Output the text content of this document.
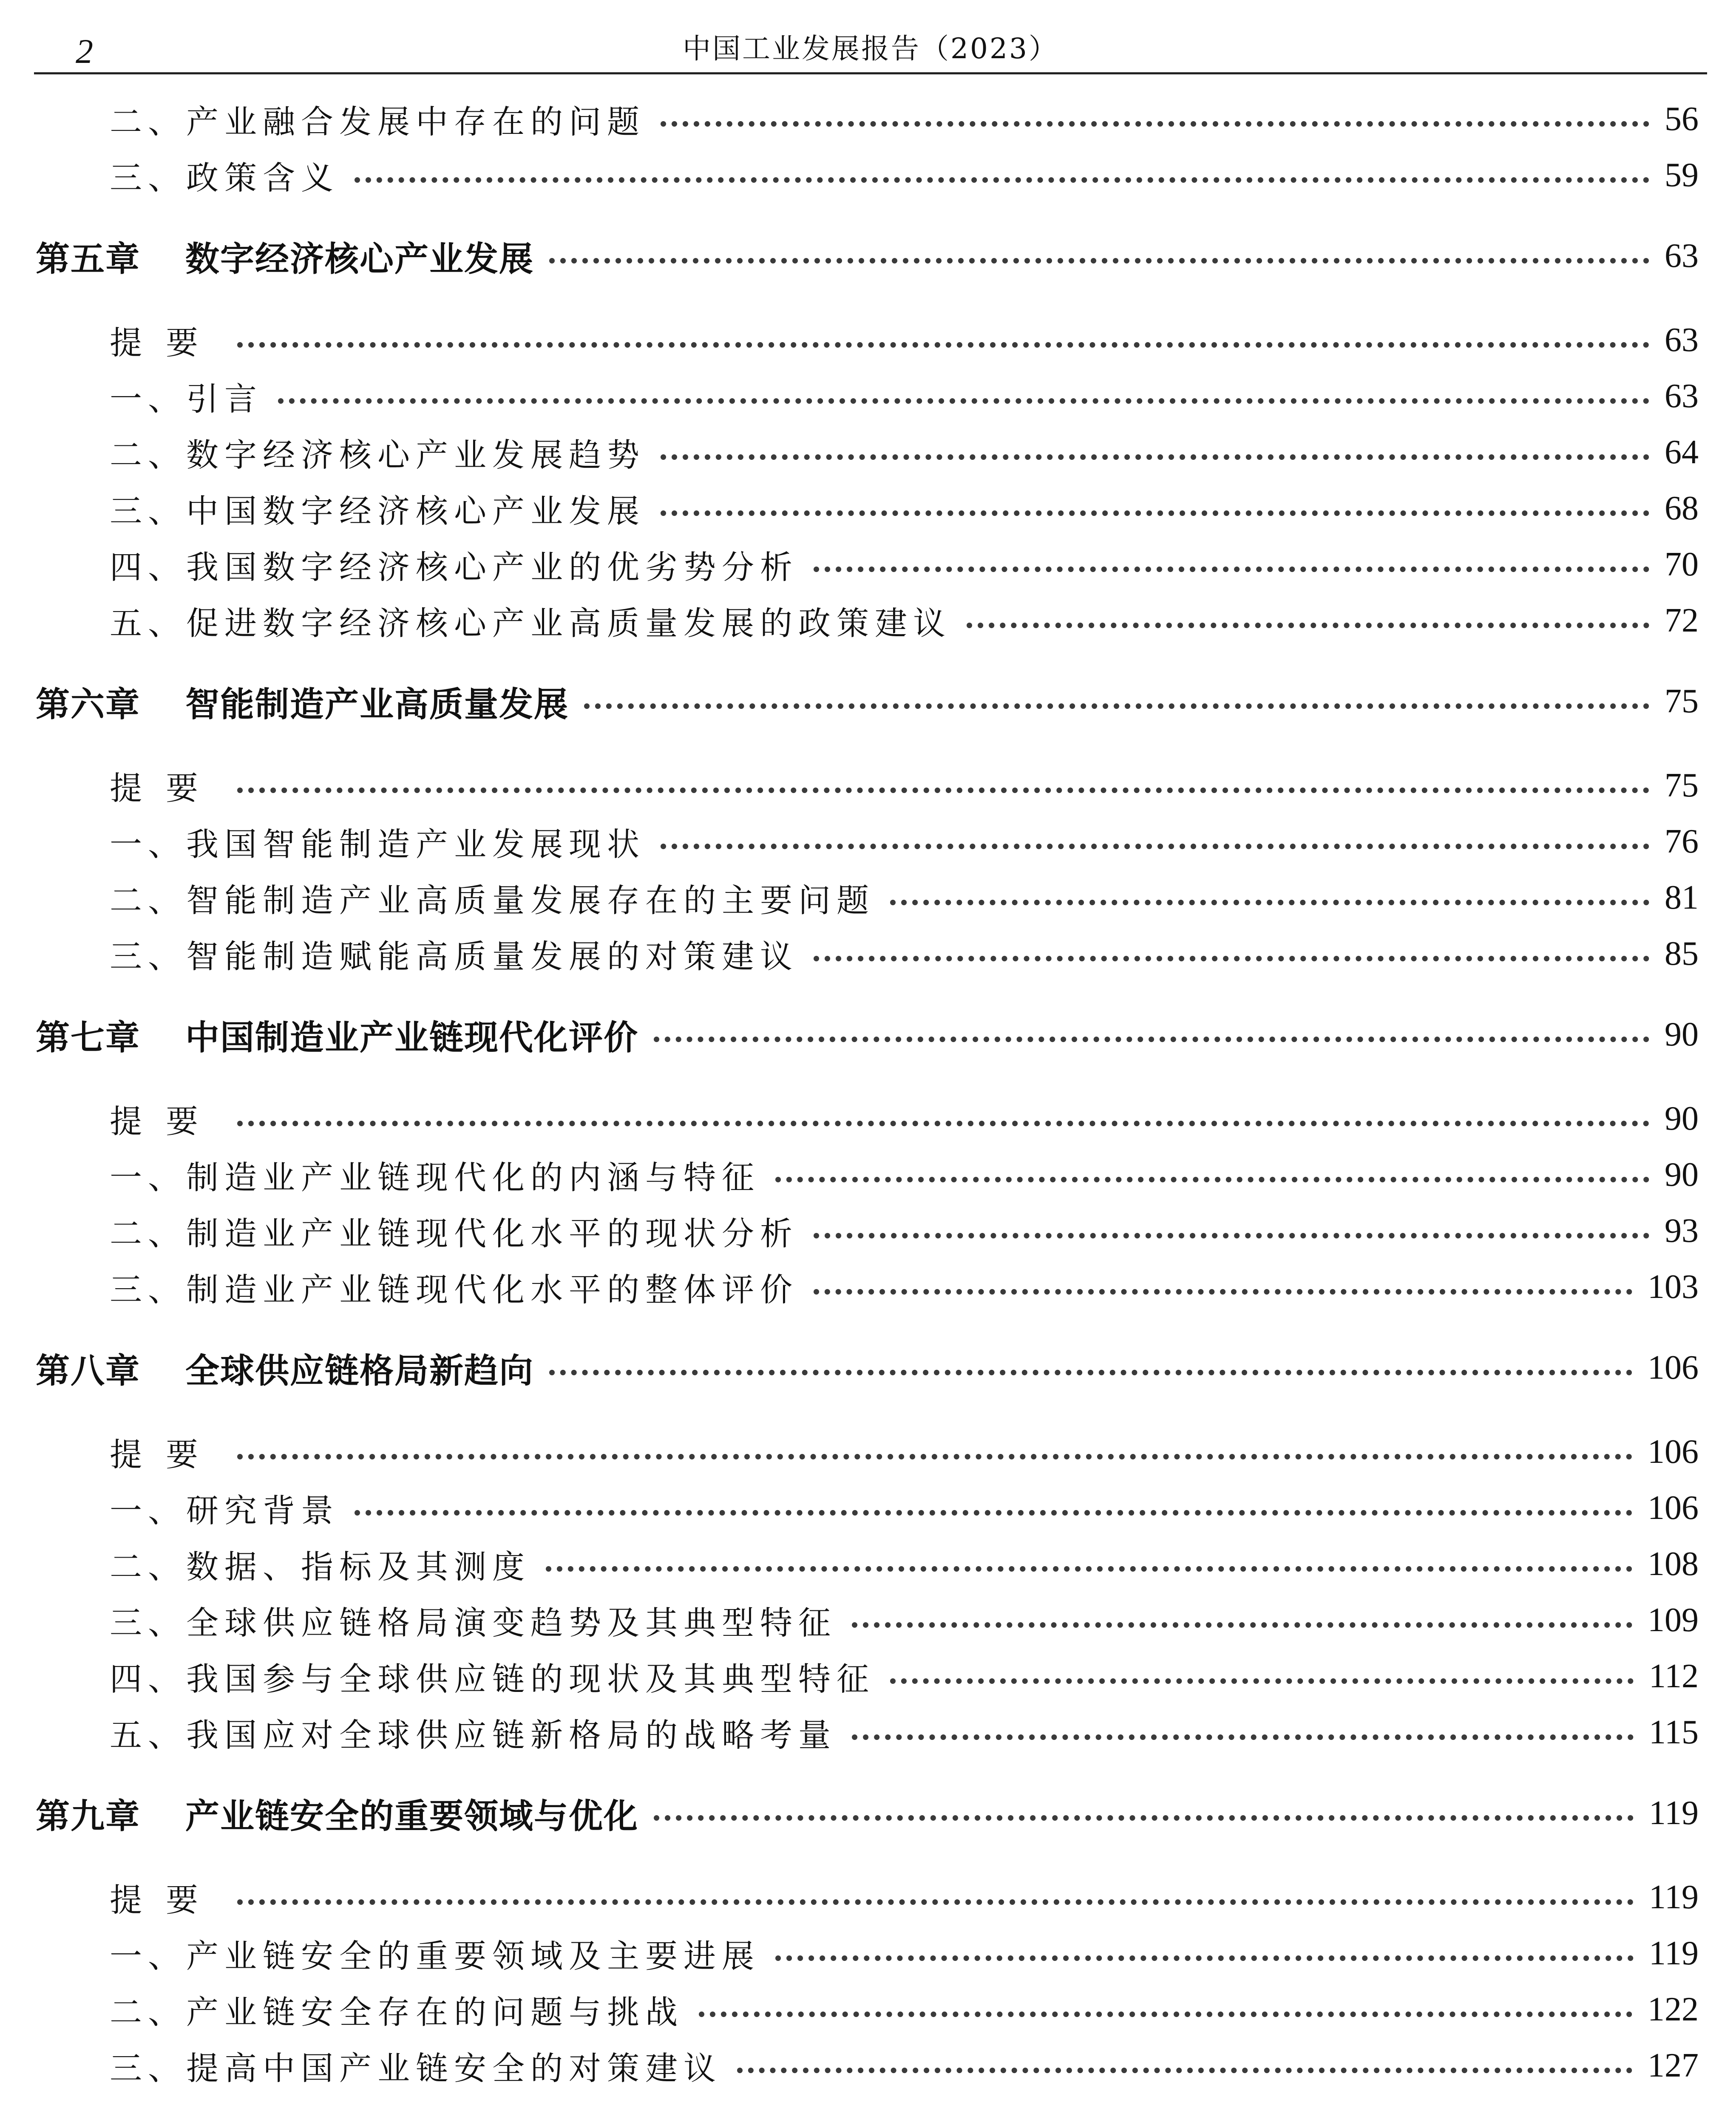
2	中国工业发展报告（2023）
二、产业融合发展中存在的问题	56
三、政策含义	59
第五章 数字经济核心产业发展	63
提要	63
一、引言	63
二、数字经济核心产业发展趋势	64
三、中国数字经济核心产业发展	68
四、我国数字经济核心产业的优劣势分析	70
五、促进数字经济核心产业高质量发展的政策建议	72
第六章 智能制造产业高质量发展	75
提要	75
一、我国智能制造产业发展现状	76
二、智能制造产业高质量发展存在的主要问题	81
三、智能制造赋能高质量发展的对策建议	85
第七章 中国制造业产业链现代化评价	90
提要	90
一、制造业产业链现代化的内涵与特征	90
二、制造业产业链现代化水平的现状分析	93
三、制造业产业链现代化水平的整体评价	103
第八章 全球供应链格局新趋向	106
提要	106
一、研究背景	106
二、数据、指标及其测度	108
三、全球供应链格局演变趋势及其典型特征	109
四、我国参与全球供应链的现状及其典型特征	112
五、我国应对全球供应链新格局的战略考量	115
第九章 产业链安全的重要领域与优化	119
提要	119
一、产业链安全的重要领域及主要进展	119
二、产业链安全存在的问题与挑战	122
三、提高中国产业链安全的对策建议	127
